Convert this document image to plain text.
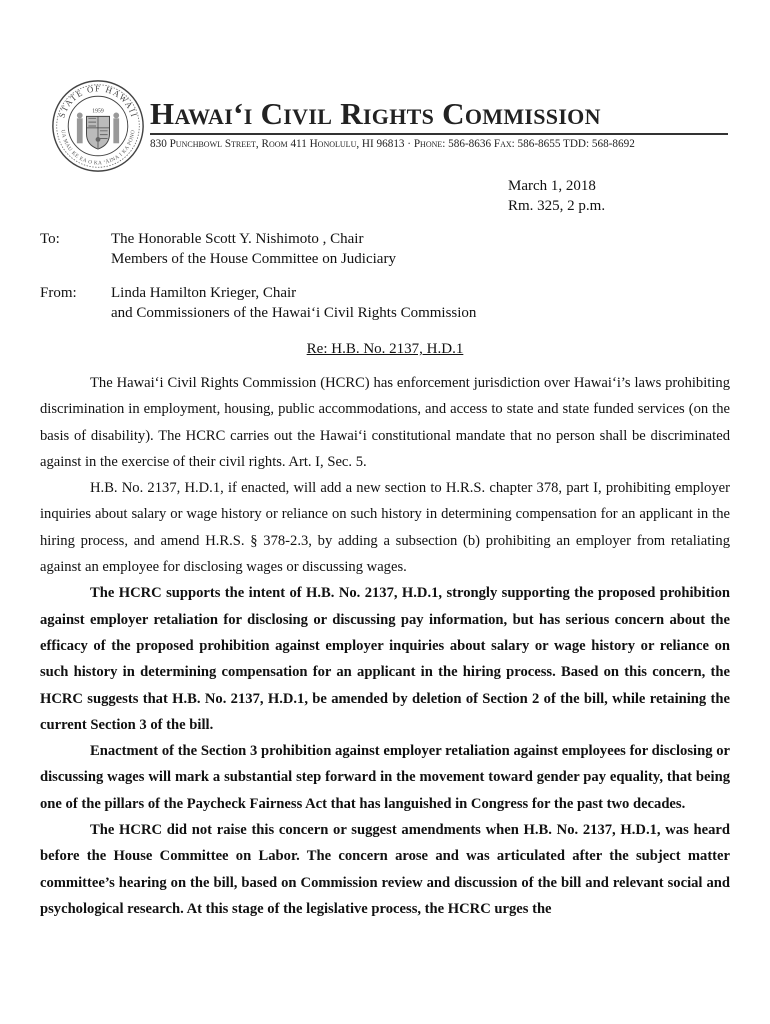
STATE OF HAWAII
UA MAU KE EA O KA ʻĀINA I KA PONO
1959 Hawaiʻi Civil Rights Commission
830 Punchbowl Street, Room 411 Honolulu, HI 96813 · Phone: 586-8636 Fax: 586-8655 TDD: 568-8692
March 1, 2018
Rm. 325, 2 p.m.
To:	The Honorable Scott Y. Nishimoto , Chair
Members of the House Committee on Judiciary
From: Linda Hamilton Krieger, Chair
and Commissioners of the Hawaiʻi Civil Rights Commission
Re: H.B. No. 2137, H.D.1

The Hawaiʻi Civil Rights Commission (HCRC) has enforcement jurisdiction over Hawaiʻi’s laws prohibiting discrimination in employment, housing, public accommodations, and access to state and state funded services (on the basis of disability). The HCRC carries out the Hawaiʻi constitutional mandate that no person shall be discriminated against in the exercise of their civil rights. Art. I, Sec. 5.

H.B. No. 2137, H.D.1, if enacted, will add a new section to H.R.S. chapter 378, part I, prohibiting employer inquiries about salary or wage history or reliance on such history in determining compensation for an applicant in the hiring process, and amend H.R.S. § 378-2.3, by adding a subsection (b) prohibiting an employer from retaliating against an employee for disclosing wages or discussing wages.

The HCRC supports the intent of H.B. No. 2137, H.D.1, strongly supporting the proposed prohibition against employer retaliation for disclosing or discussing pay information, but has serious concern about the efficacy of the proposed prohibition against employer inquiries about salary or wage history or reliance on such history in determining compensation for an applicant in the hiring process. Based on this concern, the HCRC suggests that H.B. No. 2137, H.D.1, be amended by deletion of Section 2 of the bill, while retaining the current Section 3 of the bill.

Enactment of the Section 3 prohibition against employer retaliation against employees for disclosing or discussing wages will mark a substantial step forward in the movement toward gender pay equality, that being one of the pillars of the Paycheck Fairness Act that has languished in Congress for the past two decades.

The HCRC did not raise this concern or suggest amendments when H.B. No. 2137, H.D.1, was heard before the House Committee on Labor. The concern arose and was articulated after the subject matter committee’s hearing on the bill, based on Commission review and discussion of the bill and relevant social and psychological research. At this stage of the legislative process, the HCRC urges the
